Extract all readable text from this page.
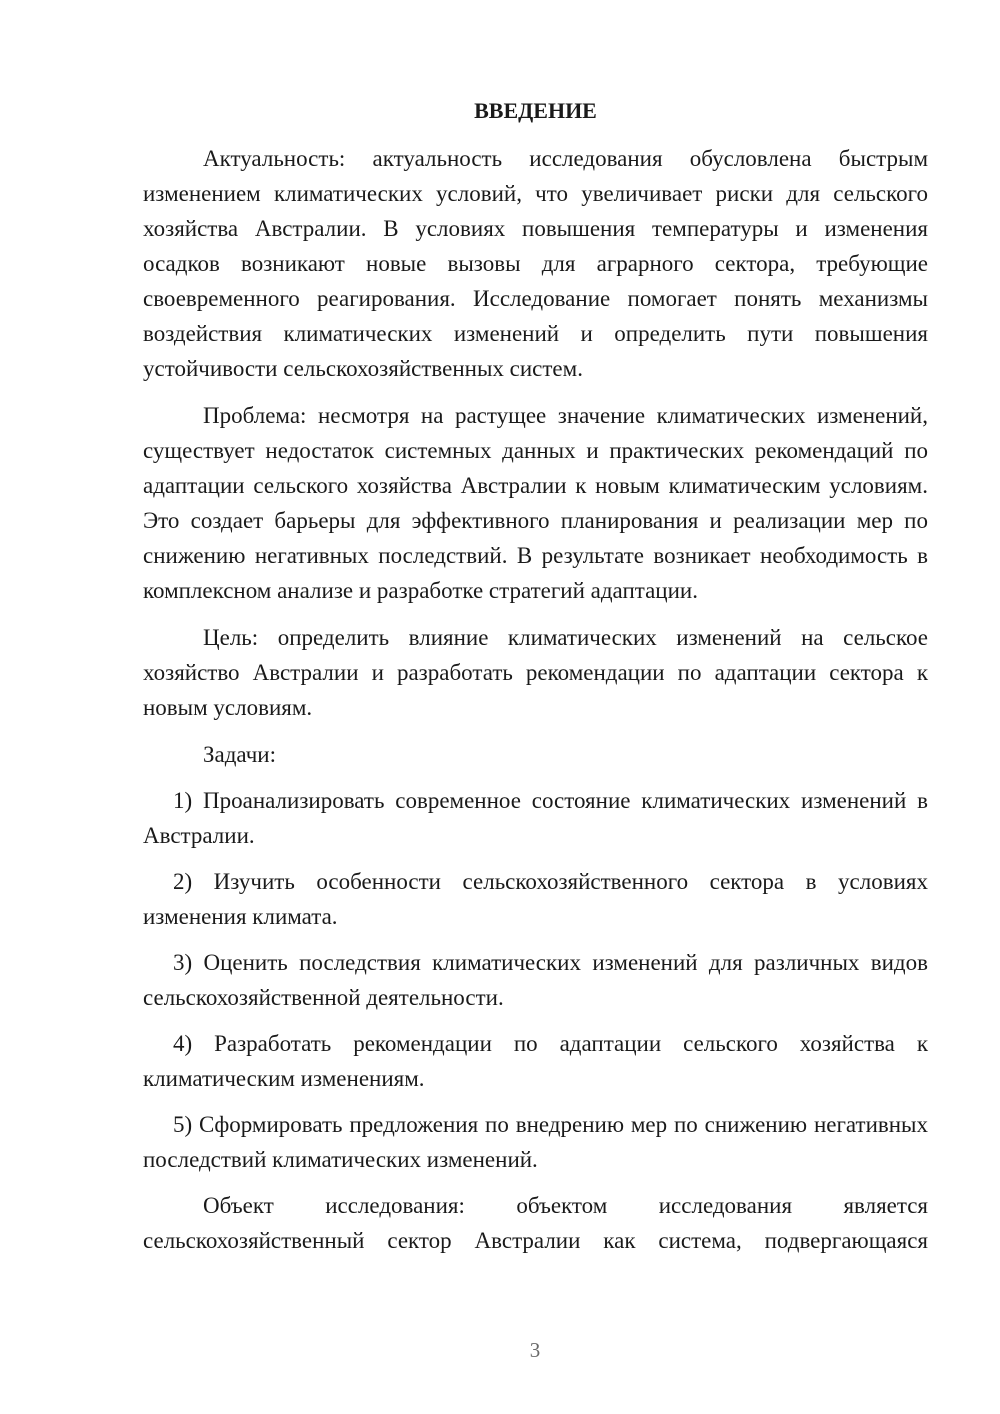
ВВЕДЕНИЕ

Актуальность: актуальность исследования обусловлена быстрым изменением климатических условий, что увеличивает риски для сельского хозяйства Австралии. В условиях повышения температуры и изменения осадков возникают новые вызовы для аграрного сектора, требующие своевременного реагирования. Исследование помогает понять механизмы воздействия климатических изменений и определить пути повышения устойчивости сельскохозяйственных систем.

Проблема: несмотря на растущее значение климатических изменений, существует недостаток системных данных и практических рекомендаций по адаптации сельского хозяйства Австралии к новым климатическим условиям. Это создает барьеры для эффективного планирования и реализации мер по снижению негативных последствий. В результате возникает необходимость в комплексном анализе и разработке стратегий адаптации.

Цель: определить влияние климатических изменений на сельское хозяйство Австралии и разработать рекомендации по адаптации сектора к новым условиям.

Задачи:

1) Проанализировать современное состояние климатических изменений в Австралии.

2) Изучить особенности сельскохозяйственного сектора в условиях изменения климата.

3) Оценить последствия климатических изменений для различных видов сельскохозяйственной деятельности.

4) Разработать рекомендации по адаптации сельского хозяйства к климатическим изменениям.

5) Сформировать предложения по внедрению мер по снижению негативных последствий климатических изменений.

Объект исследования: объектом исследования является сельскохозяйственный сектор Австралии как система, подвергающаяся

3
